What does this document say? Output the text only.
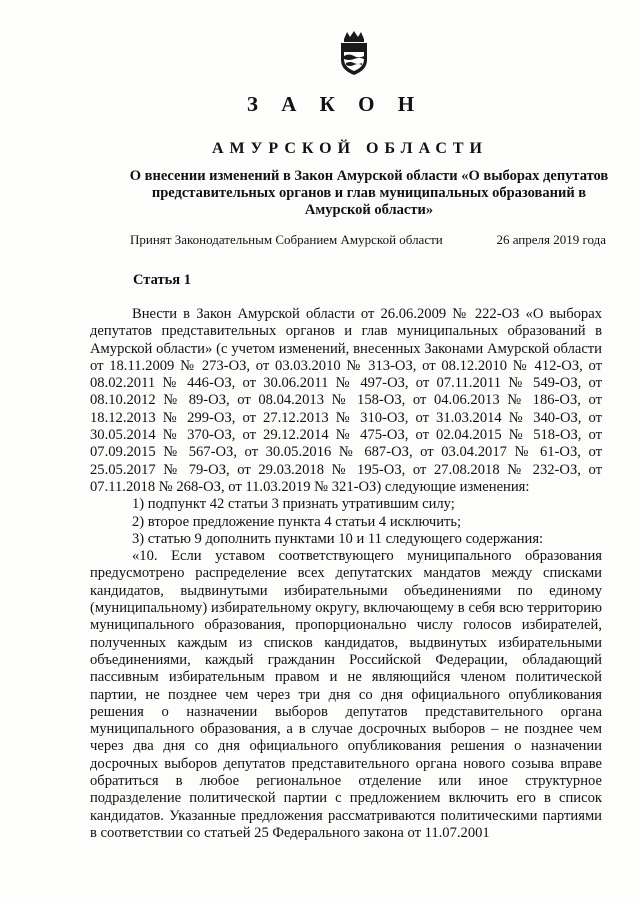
З А К О Н
АМУРСКОЙ ОБЛАСТИ
О внесении изменений в Закон Амурской области «О выборах депутатов
представительных органов и глав муниципальных образований в
Амурской области»
Принят Законодательным Собранием Амурской области	26 апреля 2019 года
Статья 1

Внести в Закон Амурской области от 26.06.2009 № 222-ОЗ «О выборах депутатов представительных органов и глав муниципальных образований в Амурской области» (с учетом изменений, внесенных Законами Амурской области от 18.11.2009 № 273-ОЗ, от 03.03.2010 № 313-ОЗ, от 08.12.2010 № 412-ОЗ, от 08.02.2011 № 446-ОЗ, от 30.06.2011 № 497-ОЗ, от 07.11.2011 № 549-ОЗ, от 08.10.2012 № 89-ОЗ, от 08.04.2013 № 158-ОЗ, от 04.06.2013 № 186-ОЗ, от 18.12.2013 № 299-ОЗ, от 27.12.2013 № 310-ОЗ, от 31.03.2014 № 340-ОЗ, от 30.05.2014 № 370-ОЗ, от 29.12.2014 № 475-ОЗ, от 02.04.2015 № 518-ОЗ, от 07.09.2015 № 567-ОЗ, от 30.05.2016 № 687-ОЗ, от 03.04.2017 № 61-ОЗ, от 25.05.2017 № 79-ОЗ, от 29.03.2018 № 195-ОЗ, от 27.08.2018 № 232-ОЗ, от 07.11.2018 № 268-ОЗ, от 11.03.2019 № 321-ОЗ) следующие изменения:

1) подпункт 42 статьи 3 признать утратившим силу;

2) второе предложение пункта 4 статьи 4 исключить;

3) статью 9 дополнить пунктами 10 и 11 следующего содержания:

«10. Если уставом соответствующего муниципального образования предусмотрено распределение всех депутатских мандатов между списками кандидатов, выдвинутыми избирательными объединениями по единому (муниципальному) избирательному округу, включающему в себя всю территорию муниципального образования, пропорционально числу голосов избирателей, полученных каждым из списков кандидатов, выдвинутых избирательными объединениями, каждый гражданин Российской Федерации, обладающий пассивным избирательным правом и не являющийся членом политической партии, не позднее чем через три дня со дня официального опубликования решения о назначении выборов депутатов представительного органа муниципального образования, а в случае досрочных выборов – не позднее чем через два дня со дня официального опубликования решения о назначении досрочных выборов депутатов представительного органа нового созыва вправе обратиться в любое региональное отделение или иное структурное подразделение политической партии с предложением включить его в список кандидатов. Указанные предложения рассматриваются политическими партиями в соответствии со статьей 25 Федерального закона от 11.07.2001
